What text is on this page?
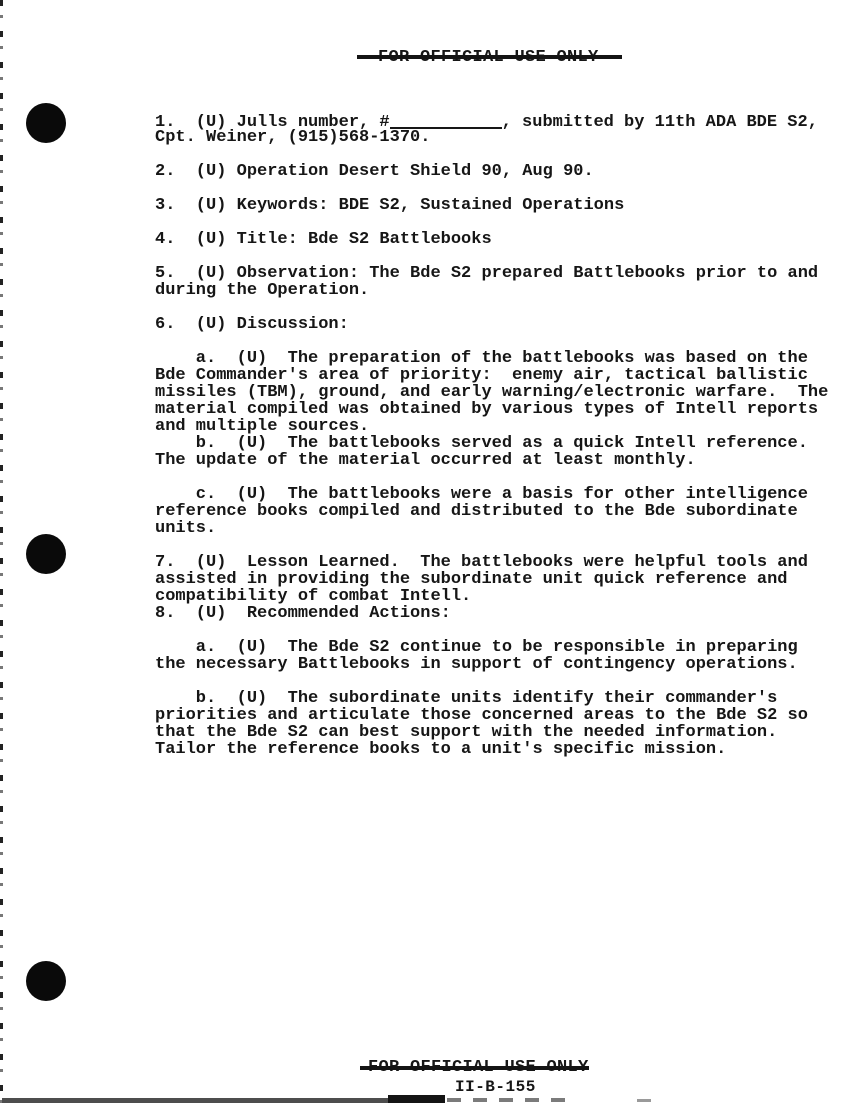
1.  (U) Julls number, #	, submitted by 11th ADA BDE S2,
Cpt. Weiner, (915)568-1370.
2.  (U) Operation Desert Shield 90, Aug 90.
3.  (U) Keywords: BDE S2, Sustained Operations
4.  (U) Title: Bde S2 Battlebooks
5.  (U) Observation: The Bde S2 prepared Battlebooks prior to and
during the Operation.
6.  (U) Discussion:
a.  (U)  The preparation of the battlebooks was based on the
Bde Commander's area of priority:  enemy air, tactical ballistic
missiles (TBM), ground, and early warning/electronic warfare.  The
material compiled was obtained by various types of Intell reports
and multiple sources.
b.  (U)  The battlebooks served as a quick Intell reference.
The update of the material occurred at least monthly.
c.  (U)  The battlebooks were a basis for other intelligence
reference books compiled and distributed to the Bde subordinate
units.
7.  (U)  Lesson Learned.  The battlebooks were helpful tools and
assisted in providing the subordinate unit quick reference and
compatibility of combat Intell.
8.  (U)  Recommended Actions:
a.  (U)  The Bde S2 continue to be responsible in preparing
the necessary Battlebooks in support of contingency operations.
b.  (U)  The subordinate units identify their commander's
priorities and articulate those concerned areas to the Bde S2 so
that the Bde S2 can best support with the needed information.
Tailor the reference books to a unit's specific mission.
II-B-155
